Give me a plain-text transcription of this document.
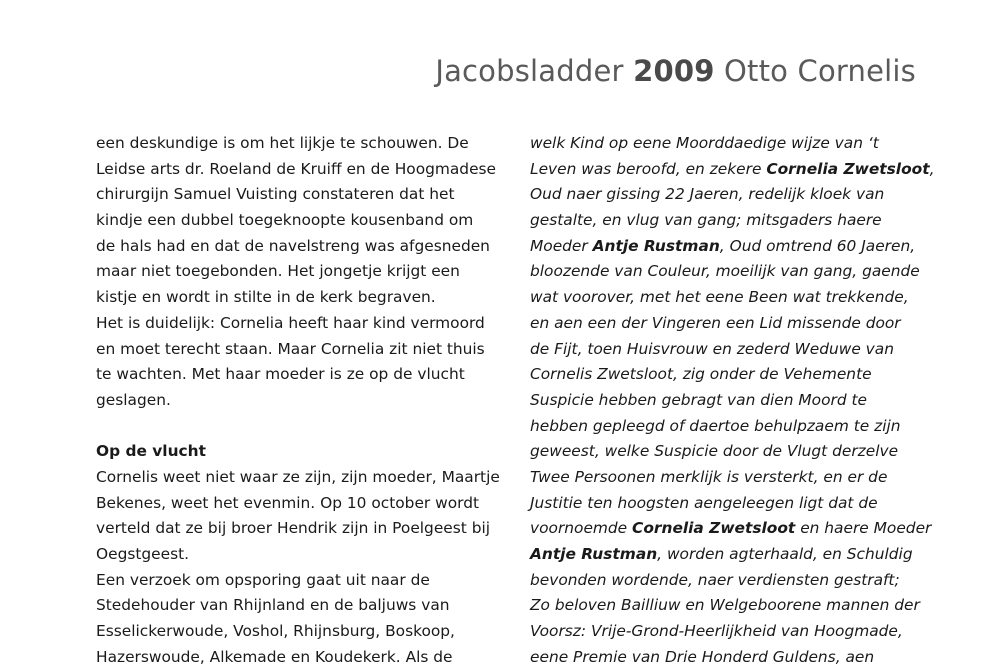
Jacobsladder 2009 Otto Cornelis
een deskundige is om het lijkje te schouwen. De
Leidse arts dr. Roeland de Kruiff en de Hoogmadese
chirurgijn Samuel Vuisting constateren dat het
kindje een dubbel toegeknoopte kousenband om
de hals had en dat de navelstreng was afgesneden
maar niet toegebonden. Het jongetje krijgt een
kistje en wordt in stilte in de kerk begraven.
Het is duidelijk: Cornelia heeft haar kind vermoord
en moet terecht staan. Maar Cornelia zit niet thuis
te wachten. Met haar moeder is ze op de vlucht
geslagen.
Op de vlucht
Cornelis weet niet waar ze zijn, zijn moeder, Maartje
Bekenes, weet het evenmin. Op 10 october wordt
verteld dat ze bij broer Hendrik zijn in Poelgeest bij
Oegstgeest.
Een verzoek om opsporing gaat uit naar de
Stedehouder van Rhijnland en de baljuws van
Esselickerwoude, Voshol, Rhijnsburg, Boskoop,
Hazerswoude, Alkemade en Koudekerk. Als de
welk Kind op eene Moorddaedige wijze van ‘t
Leven was beroofd, en zekere Cornelia Zwetsloot,
Oud naer gissing 22 Jaeren, redelijk kloek van
gestalte, en vlug van gang; mitsgaders haere
Moeder Antje Rustman, Oud omtrend 60 Jaeren,
bloozende van Couleur, moeilijk van gang, gaende
wat voorover, met het eene Been wat trekkende,
en aen een der Vingeren een Lid missende door
de Fijt, toen Huisvrouw en zederd Weduwe van
Cornelis Zwetsloot, zig onder de Vehemente
Suspicie hebben gebragt van dien Moord te
hebben gepleegd of daertoe behulpzaem te zijn
geweest, welke Suspicie door de Vlugt derzelve
Twee Persoonen merklijk is versterkt, en er de
Justitie ten hoogsten aengeleegen ligt dat de
voornoemde Cornelia Zwetsloot en haere Moeder
Antje Rustman, worden agterhaald, en Schuldig
bevonden wordende, naer verdiensten gestraft;
Zo beloven Bailliuw en Welgeboorene mannen der
Voorsz: Vrije-Grond-Heerlijkheid van Hoogmade,
eene Premie van Drie Honderd Guldens, aen
